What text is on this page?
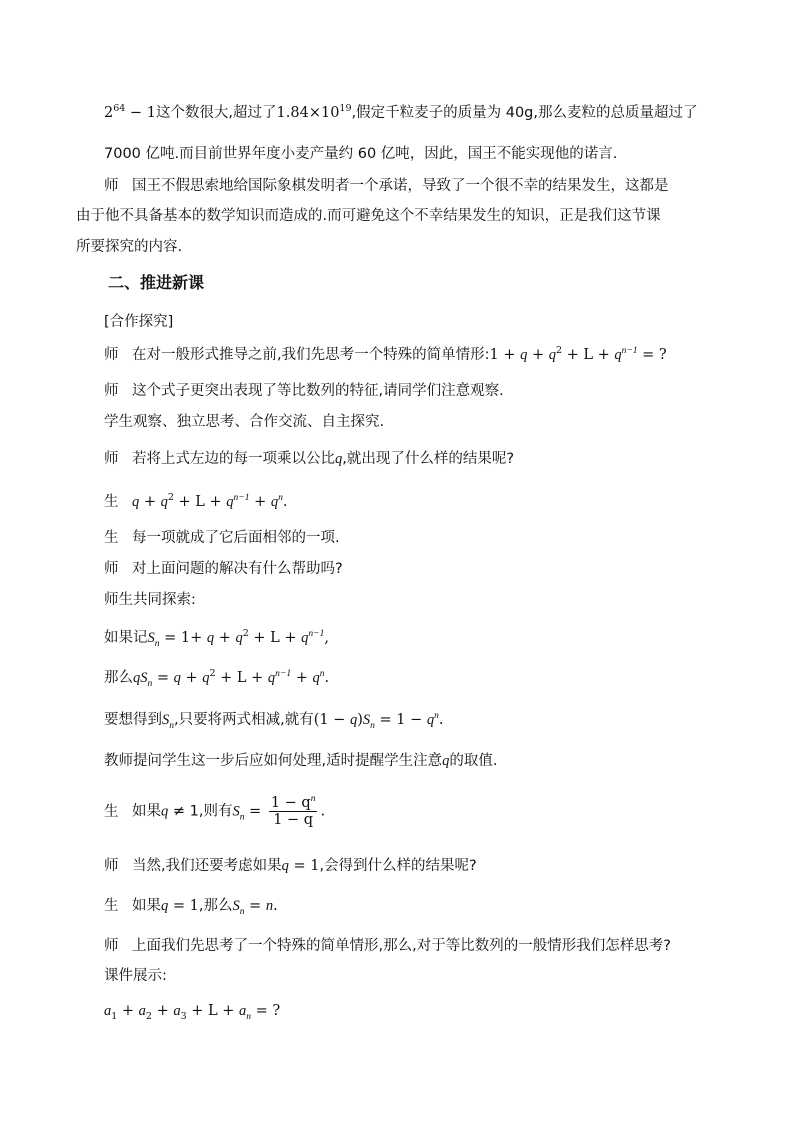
$2^{64} - 1$这个数很大,超过了$1.84\times 10^{19}$,假定千粒麦子的质量为 40g,那么麦粒的总质量超过了
7000 亿吨.而目前世界年度小麦产量约 60 亿吨，因此，国王不能实现他的诺言.
师 国王不假思索地给国际象棋发明者一个承诺，导致了一个很不幸的结果发生，这都是
由于他不具备基本的数学知识而造成的.而可避免这个不幸结果发生的知识，正是我们这节课
所要探究的内容.
二、推进新课
[合作探究]
师 在对一般形式推导之前,我们先思考一个特殊的简单情形:1 + $q + q^2 + L + q^{n-1}$ = ?
师 这个式子更突出表现了等比数列的特征,请同学们注意观察.
学生观察、独立思考、合作交流、自主探究.
师 若将上式左边的每一项乘以公比q,就出现了什么样的结果呢?
生 $q + q^2 + L + q^{n-1} + q^n$.
生 每一项就成了它后面相邻的一项.
师 对上面问题的解决有什么帮助吗?
师生共同探索:
如果记$S_n = 1+ q + q^2 + L + q^{n-1}$,
那么$qS_n = q + q^2 + L + q^{n-1} + q^n$.
要想得到$S_n$,只要将两式相减,就有$(1 - q)S_n = 1 - q^n$.
教师提问学生这一步后应如何处理,适时提醒学生注意q的取值.
生 如果q ≠ 1,则有$S_n = \frac{1 - q^n}{1 - q}$ .
师 当然,我们还要考虑如果q = 1,会得到什么样的结果呢?
生 如果q = 1,那么$S_n = n$.
师 上面我们先思考了一个特殊的简单情形,那么,对于等比数列的一般情形我们怎样思考?
课件展示:
$a_1 + a_2 + a_3 + L + a_n$ = ?
